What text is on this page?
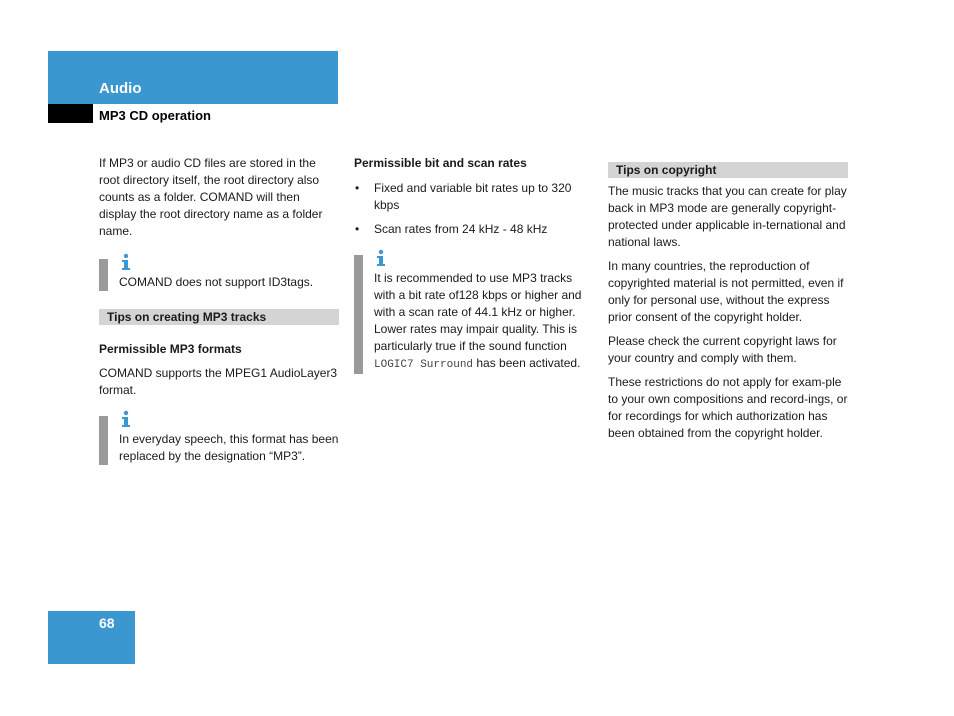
Audio
MP3 CD operation

If MP3 or audio CD files are stored in the root directory itself, the root directory also counts as a folder. COMAND will then display the root directory name as a folder name.

COMAND does not support ID3tags.

Tips on creating MP3 tracks

Permissible MP3 formats

COMAND supports the MPEG1 AudioLayer3 format.

In everyday speech, this format has been replaced by the designation “MP3”.

Permissible bit and scan rates

• Fixed and variable bit rates up to 320 kbps
• Scan rates from 24 kHz - 48 kHz

It is recommended to use MP3 tracks with a bit rate of128 kbps or higher and with a scan rate of 44.1 kHz or higher. Lower rates may impair quality. This is particularly true if the sound function LOGIC7 Surround has been activated.

Tips on copyright

The music tracks that you can create for play back in MP3 mode are generally copyright-protected under applicable in-ternational and national laws.

In many countries, the reproduction of copyrighted material is not permitted, even if only for personal use, without the express prior consent of the copyright holder.

Please check the current copyright laws for your country and comply with them.

These restrictions do not apply for exam-ple to your own compositions and record-ings, or for recordings for which authorization has been obtained from the copyright holder.

68
